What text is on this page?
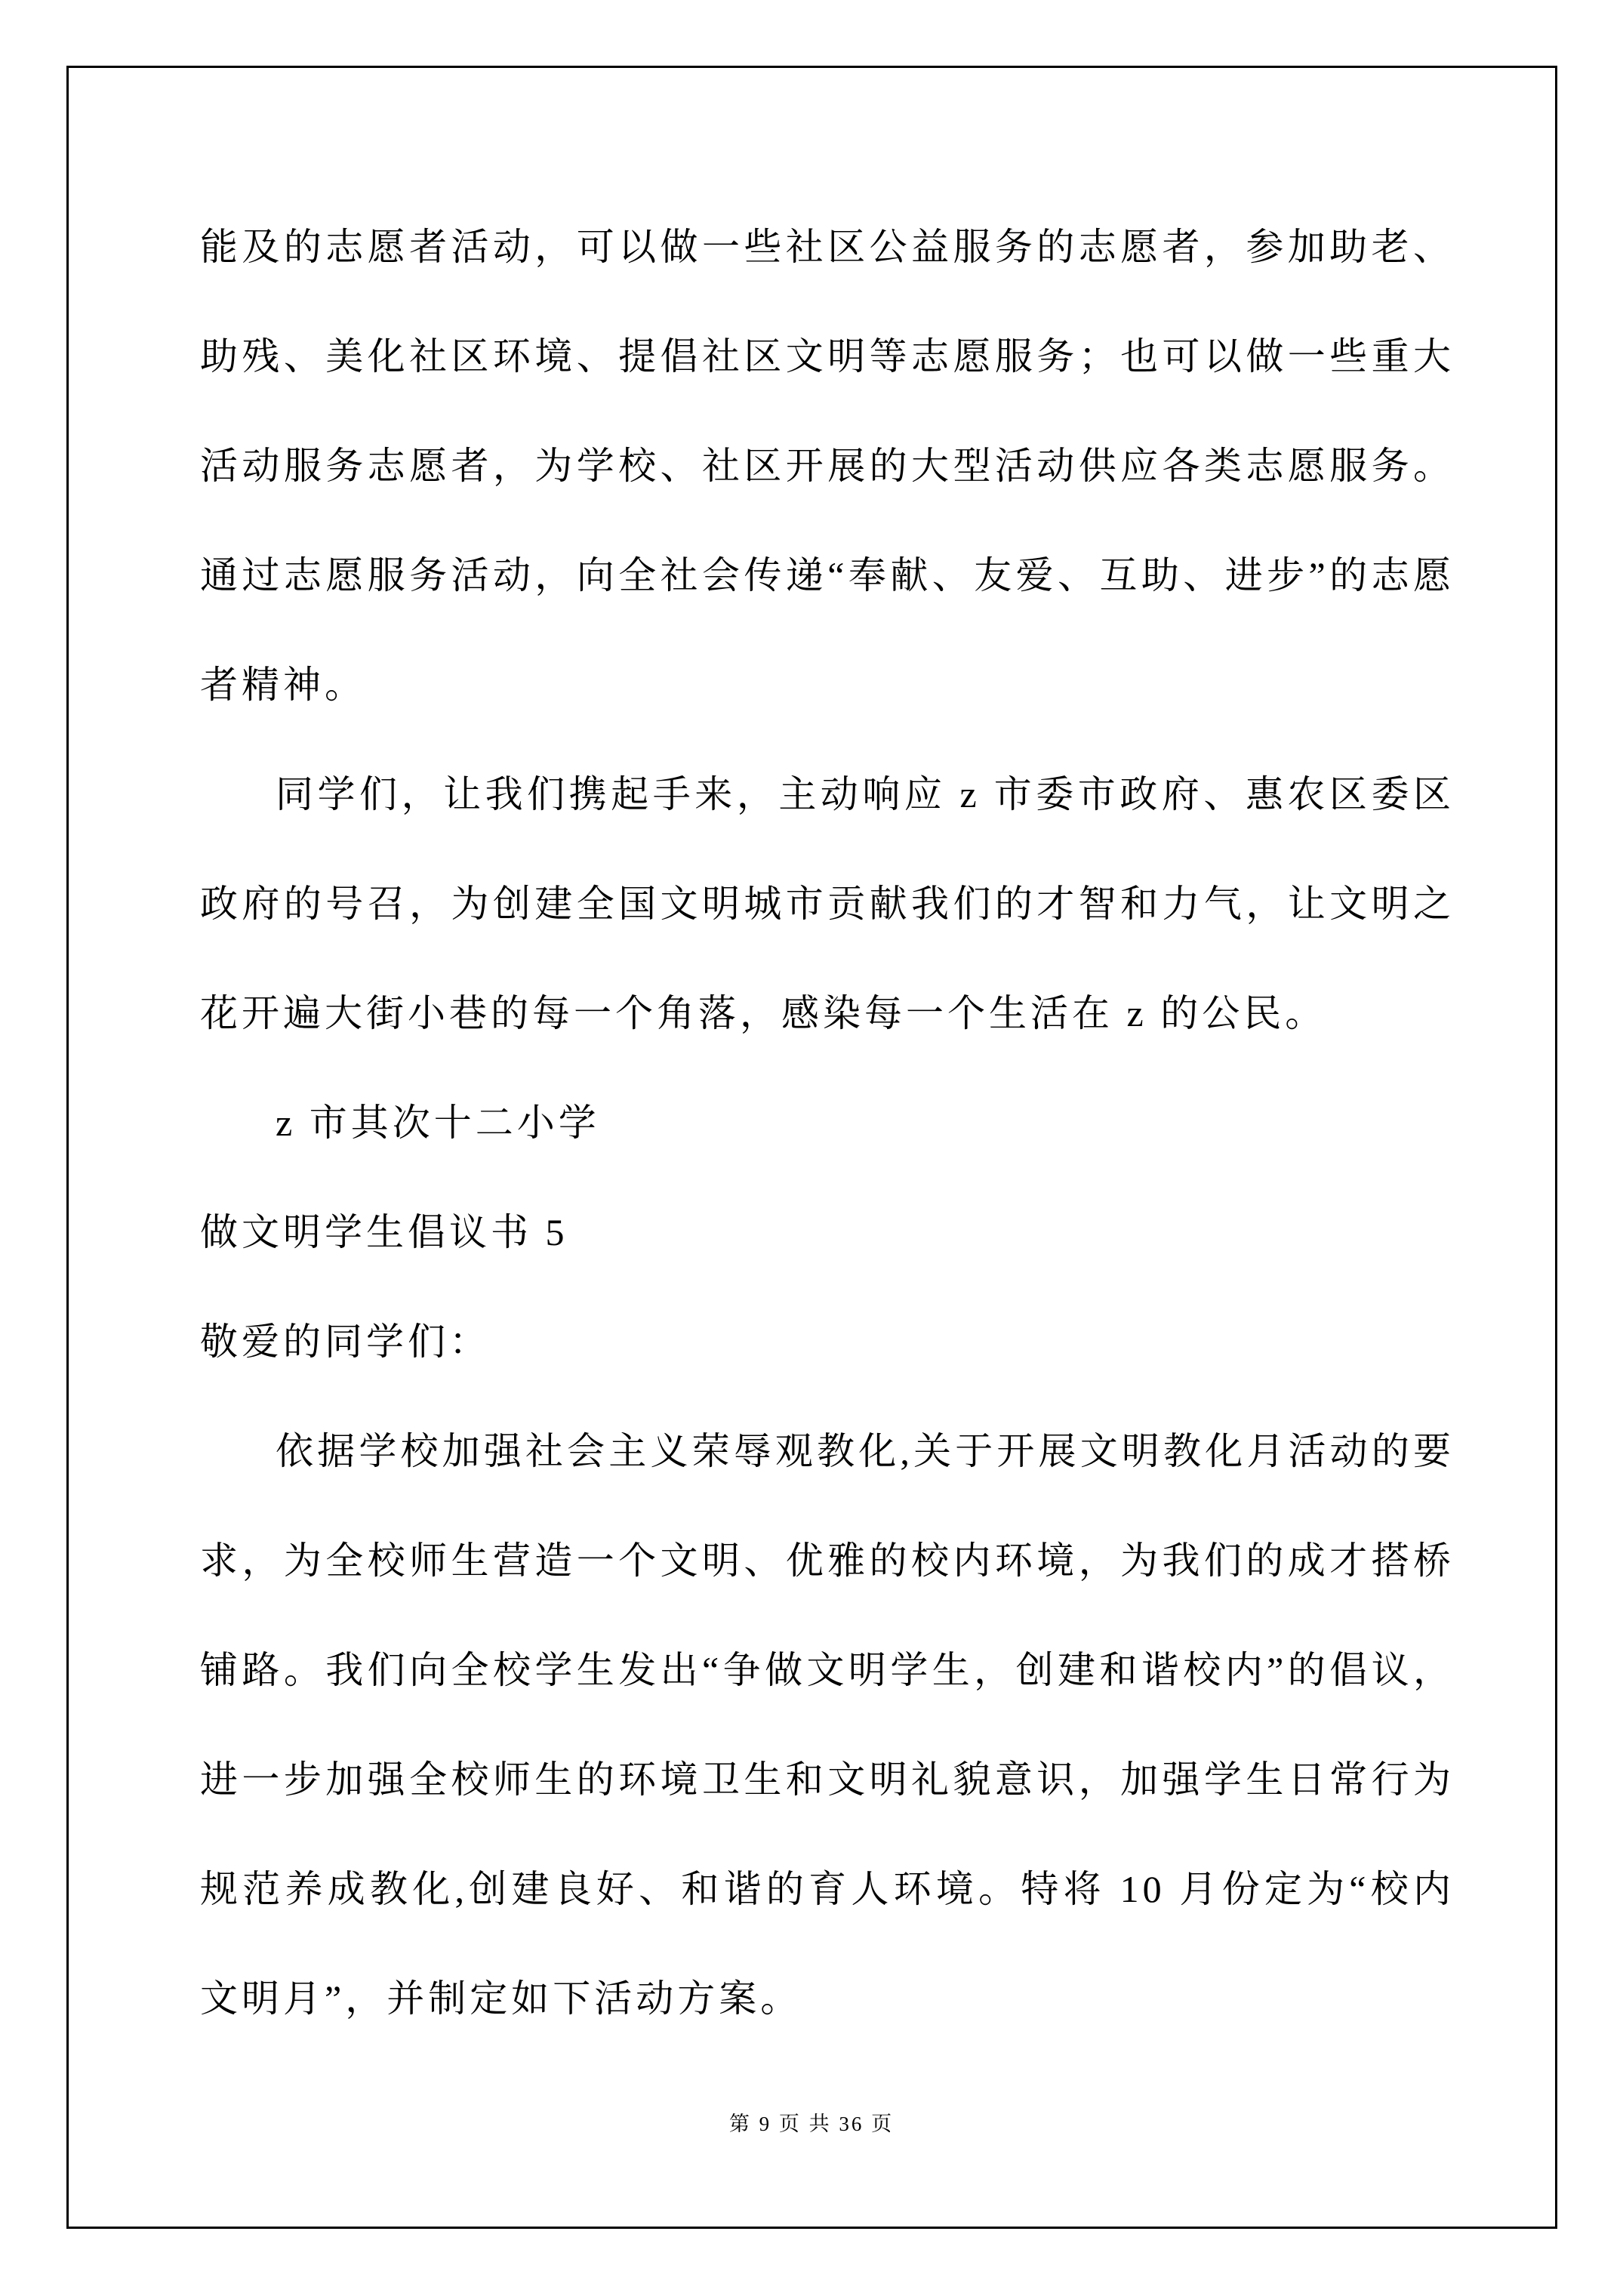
能及的志愿者活动，可以做一些社区公益服务的志愿者，参加助老、助残、美化社区环境、提倡社区文明等志愿服务；也可以做一些重大活动服务志愿者，为学校、社区开展的大型活动供应各类志愿服务。通过志愿服务活动，向全社会传递“奉献、友爱、互助、进步”的志愿者精神。

同学们，让我们携起手来，主动响应 z 市委市政府、惠农区委区政府的号召，为创建全国文明城市贡献我们的才智和力气，让文明之花开遍大街小巷的每一个角落，感染每一个生活在 z 的公民。

z 市其次十二小学

做文明学生倡议书 5

敬爱的同学们：

依据学校加强社会主义荣辱观教化,关于开展文明教化月活动的要求，为全校师生营造一个文明、优雅的校内环境，为我们的成才搭桥铺路。我们向全校学生发出“争做文明学生，创建和谐校内”的倡议，进一步加强全校师生的环境卫生和文明礼貌意识，加强学生日常行为规范养成教化,创建良好、和谐的育人环境。特将 10 月份定为“校内文明月”，并制定如下活动方案。

第 9 页 共 36 页
